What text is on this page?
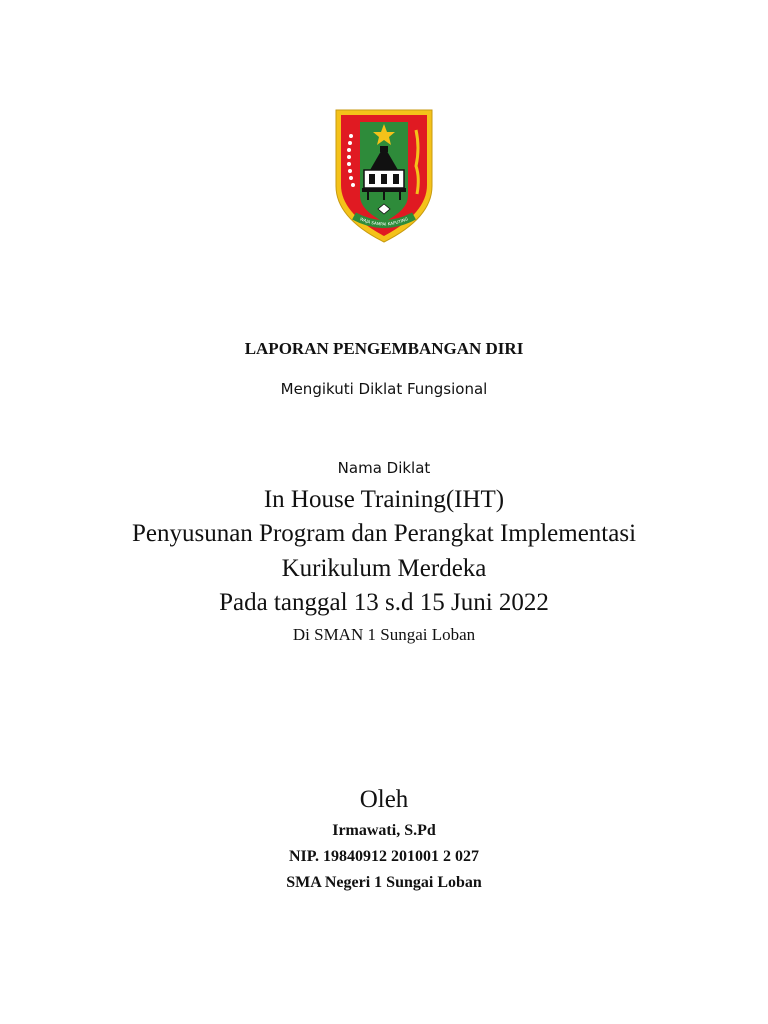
WAJA SAMPAI KAPUTING
LAPORAN PENGEMBANGAN DIRI
Mengikuti Diklat Fungsional
Nama Diklat
In House Training(IHT)
Penyusunan Program dan Perangkat Implementasi
Kurikulum Merdeka
Pada tanggal 13 s.d 15 Juni 2022
Di SMAN 1 Sungai Loban
Oleh
Irmawati, S.Pd
NIP. 19840912 201001 2 027
SMA Negeri 1 Sungai Loban
